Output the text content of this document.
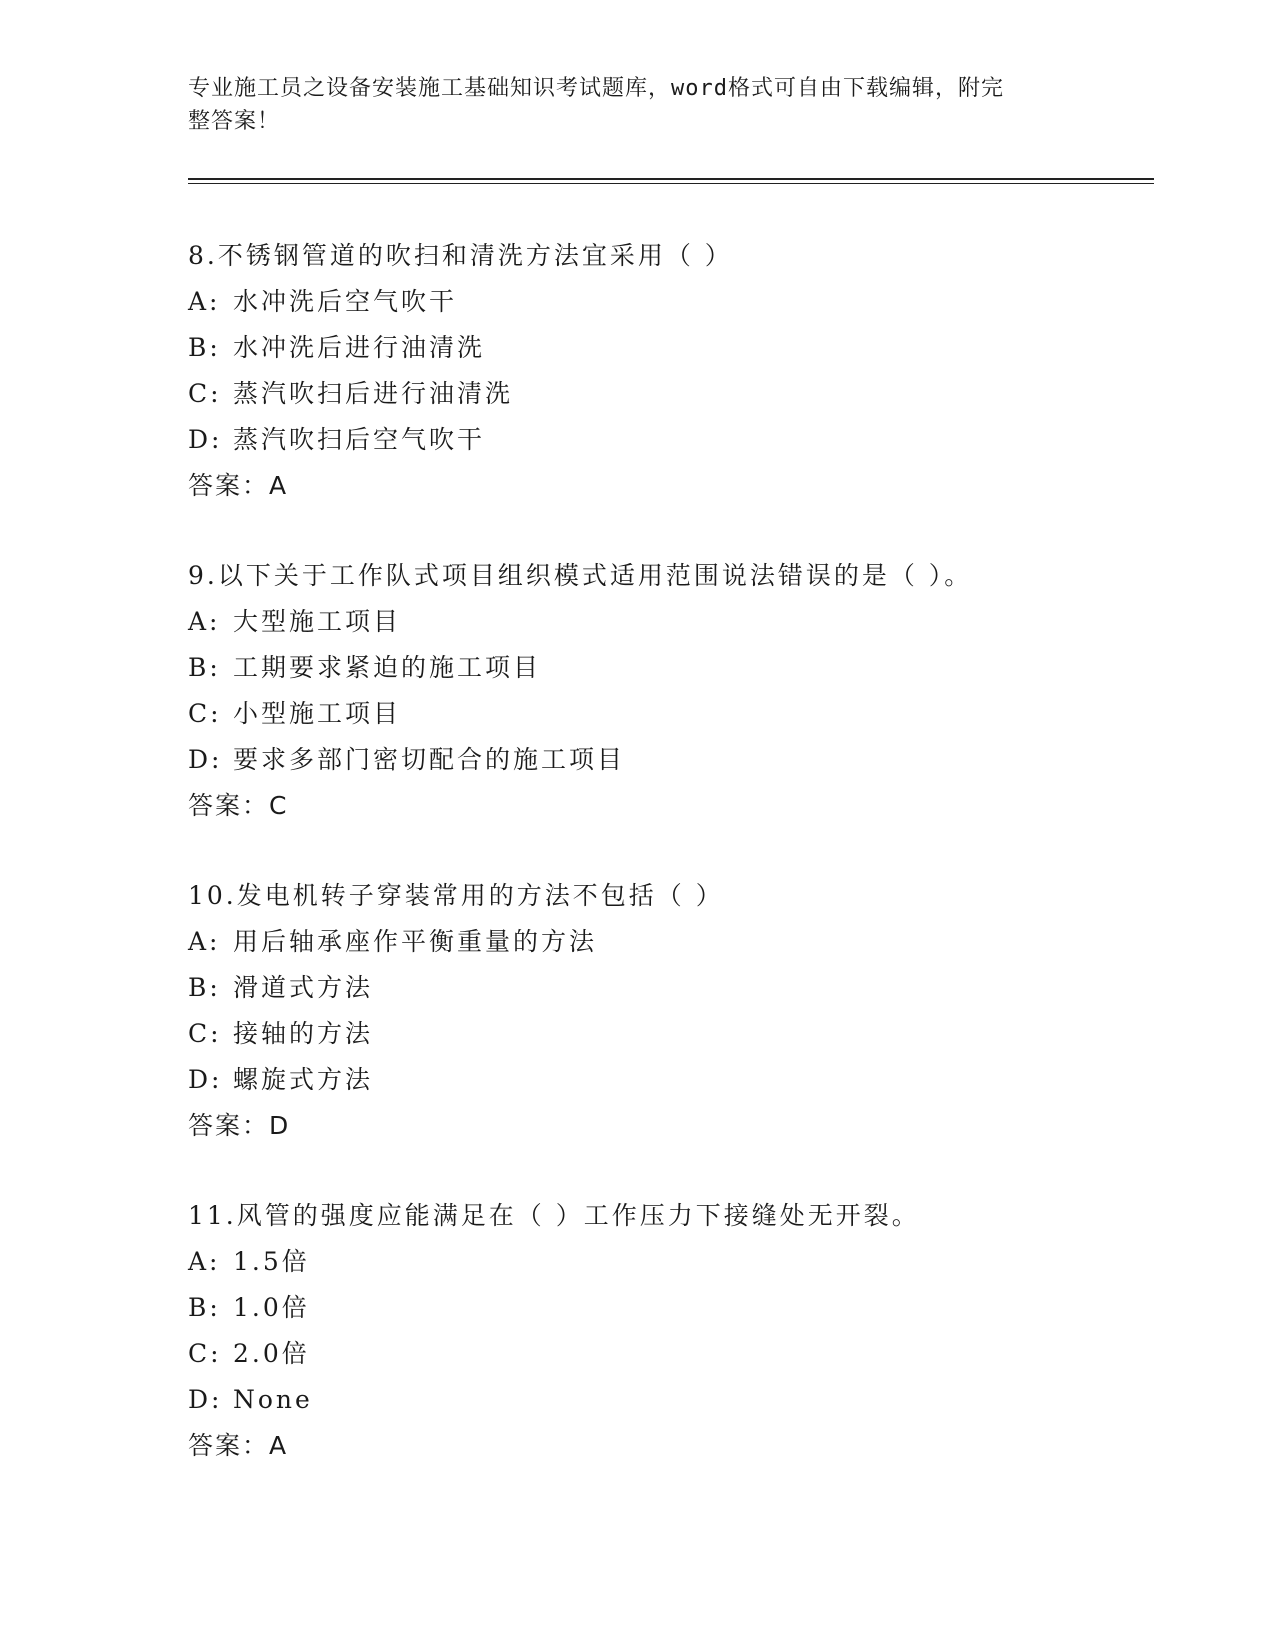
专业施工员之设备安装施工基础知识考试题库，word格式可自由下载编辑，附完
整答案！
8.不锈钢管道的吹扫和清洗方法宜采用（ ）
A: 水冲洗后空气吹干
B: 水冲洗后进行油清洗
C: 蒸汽吹扫后进行油清洗
D: 蒸汽吹扫后空气吹干
答案：A
9.以下关于工作队式项目组织模式适用范围说法错误的是（ ）。
A: 大型施工项目
B: 工期要求紧迫的施工项目
C: 小型施工项目
D: 要求多部门密切配合的施工项目
答案：C
10.发电机转子穿装常用的方法不包括（ ）
A: 用后轴承座作平衡重量的方法
B: 滑道式方法
C: 接轴的方法
D: 螺旋式方法
答案：D
11.风管的强度应能满足在（ ）工作压力下接缝处无开裂。
A: 1.5倍
B: 1.0倍
C: 2.0倍
D: None
答案：A
